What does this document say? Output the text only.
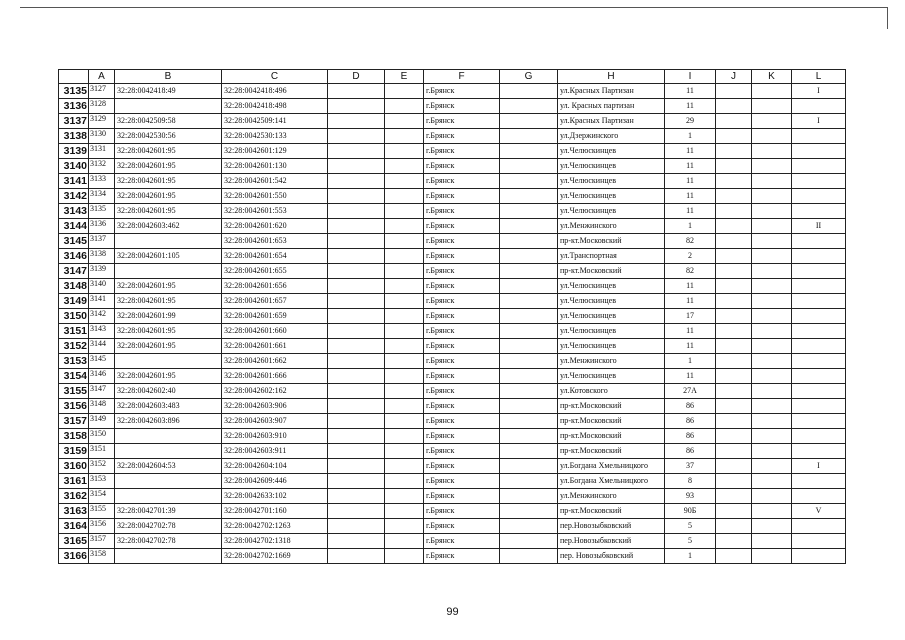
	A	B	C	D	E	F	G	H	I	J	K	L
3135	3127	32:28:0042418:49	32:28:0042418:496			г.Брянск		ул.Красных Партизан	11			I
3136	3128		32:28:0042418:498			г.Брянск		ул. Красных партизан	11			
3137	3129	32:28:0042509:58	32:28:0042509:141			г.Брянск		ул.Красных Партизан	29			I
3138	3130	32:28:0042530:56	32:28:0042530:133			г.Брянск		ул.Дзержинского	1			
3139	3131	32:28:0042601:95	32:28:0042601:129			г.Брянск		ул.Челюскинцев	11			
3140	3132	32:28:0042601:95	32:28:0042601:130			г.Брянск		ул.Челюскинцев	11			
3141	3133	32:28:0042601:95	32:28:0042601:542			г.Брянск		ул.Челюскинцев	11			
3142	3134	32:28:0042601:95	32:28:0042601:550			г.Брянск		ул.Челюскинцев	11			
3143	3135	32:28:0042601:95	32:28:0042601:553			г.Брянск		ул.Челюскинцев	11			
3144	3136	32:28:0042603:462	32:28:0042601:620			г.Брянск		ул.Менжинского	1			II
3145	3137		32:28:0042601:653			г.Брянск		пр-кт.Московский	82			
3146	3138	32:28:0042601:105	32:28:0042601:654			г.Брянск		ул.Транспортная	2			
3147	3139		32:28:0042601:655			г.Брянск		пр-кт.Московский	82			
3148	3140	32:28:0042601:95	32:28:0042601:656			г.Брянск		ул.Челюскинцев	11			
3149	3141	32:28:0042601:95	32:28:0042601:657			г.Брянск		ул.Челюскинцев	11			
3150	3142	32:28:0042601:99	32:28:0042601:659			г.Брянск		ул.Челюскинцев	17			
3151	3143	32:28:0042601:95	32:28:0042601:660			г.Брянск		ул.Челюскинцев	11			
3152	3144	32:28:0042601:95	32:28:0042601:661			г.Брянск		ул.Челюскинцев	11			
3153	3145		32:28:0042601:662			г.Брянск		ул.Менжинского	1			
3154	3146	32:28:0042601:95	32:28:0042601:666			г.Брянск		ул.Челюскинцев	11			
3155	3147	32:28:0042602:40	32:28:0042602:162			г.Брянск		ул.Котовского	27А			
3156	3148	32:28:0042603:483	32:28:0042603:906			г.Брянск		пр-кт.Московский	86			
3157	3149	32:28:0042603:896	32:28:0042603:907			г.Брянск		пр-кт.Московский	86			
3158	3150		32:28:0042603:910			г.Брянск		пр-кт.Московский	86			
3159	3151		32:28:0042603:911			г.Брянск		пр-кт.Московский	86			
3160	3152	32:28:0042604:53	32:28:0042604:104			г.Брянск		ул.Богдана Хмельницкого	37			I
3161	3153		32:28:0042609:446			г.Брянск		ул.Богдана Хмельницкого	8			
3162	3154		32:28:0042633:102			г.Брянск		ул.Менжинского	93			
3163	3155	32:28:0042701:39	32:28:0042701:160			г.Брянск		пр-кт.Московский	90Б			V
3164	3156	32:28:0042702:78	32:28:0042702:1263			г.Брянск		пер.Новозыбковский	5			
3165	3157	32:28:0042702:78	32:28:0042702:1318			г.Брянск		пер.Новозыбковский	5			
3166	3158		32:28:0042702:1669			г.Брянск		пер. Новозыбковский	1			
99
